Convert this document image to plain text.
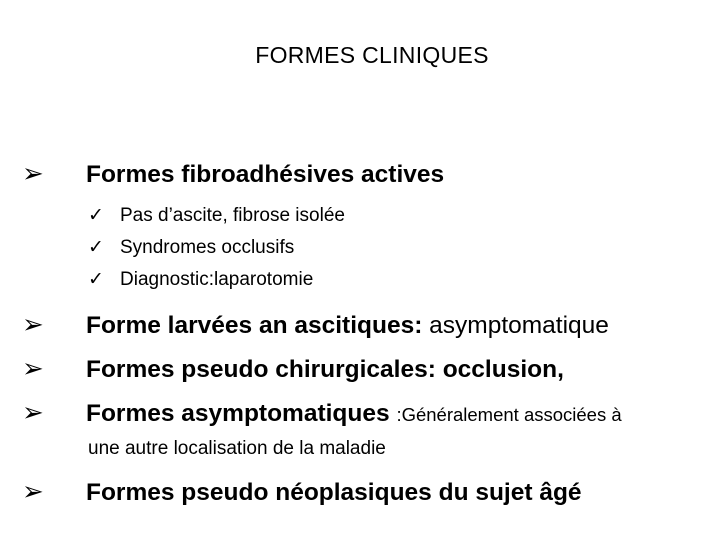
FORMES CLINIQUES
➢	Formes fibroadhésives actives
✓ Pas d’ascite, fibrose isolée
✓ Syndromes occlusifs
✓ Diagnostic:laparotomie
➢	Forme larvées an ascitiques: asymptomatique
➢	Formes pseudo chirurgicales: occlusion,
➢	Formes asymptomatiques :Généralement associées à
une autre localisation de la maladie
➢	Formes pseudo néoplasiques du sujet âgé
